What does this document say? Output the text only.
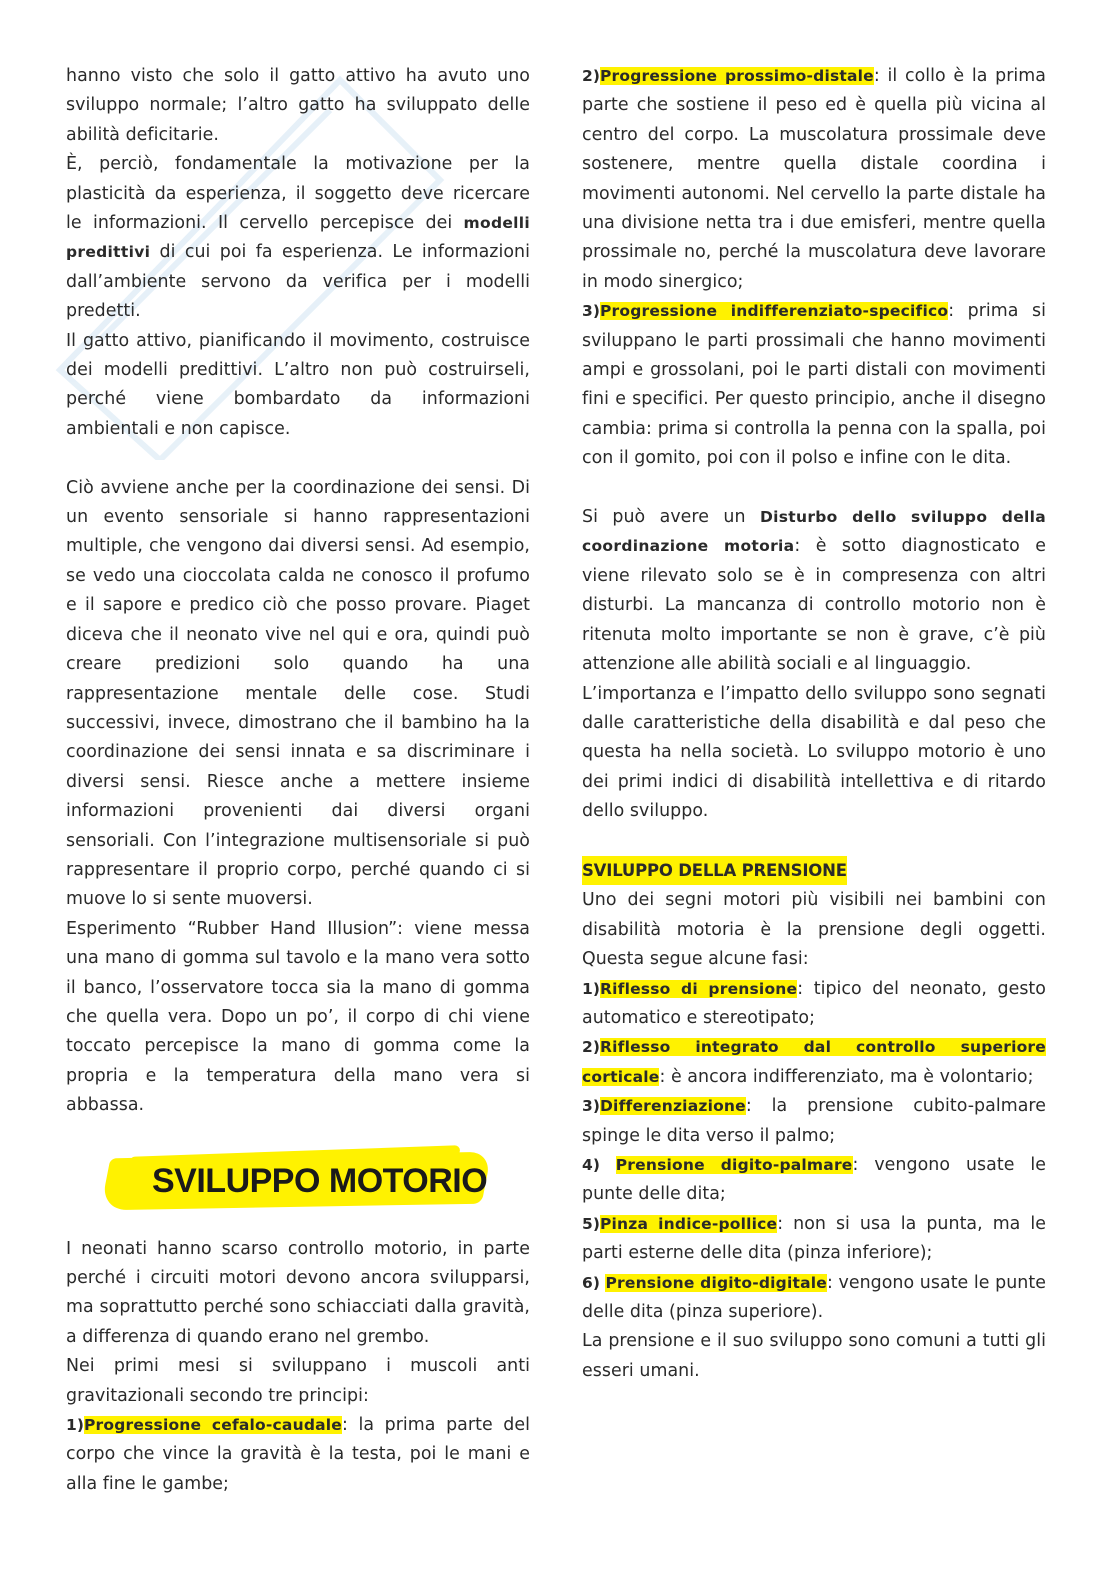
hanno visto che solo il gatto attivo ha avuto uno sviluppo normale; l’altro gatto ha sviluppato delle abilità deficitarie.

È, perciò, fondamentale la motivazione per la plasticità da esperienza, il soggetto deve ricercare le informazioni. Il cervello percepisce dei modelli predittivi di cui poi fa esperienza. Le informazioni dall’ambiente servono da verifica per i modelli predetti.

Il gatto attivo, pianificando il movimento, costruisce dei modelli predittivi. L’altro non può costruirseli, perché viene bombardato da informazioni ambientali e non capisce.

Ciò avviene anche per la coordinazione dei sensi. Di un evento sensoriale si hanno rappresentazioni multiple, che vengono dai diversi sensi. Ad esempio, se vedo una cioccolata calda ne conosco il profumo e il sapore e predico ciò che posso provare. Piaget diceva che il neonato vive nel qui e ora, quindi può creare predizioni solo quando ha una rappresentazione mentale delle cose. Studi successivi, invece, dimostrano che il bambino ha la coordinazione dei sensi innata e sa discriminare i diversi sensi. Riesce anche a mettere insieme informazioni provenienti dai diversi organi sensoriali. Con l’integrazione multisensoriale si può rappresentare il proprio corpo, perché quando ci si muove lo si sente muoversi.

Esperimento “Rubber Hand Illusion”: viene messa una mano di gomma sul tavolo e la mano vera sotto il banco, l’osservatore tocca sia la mano di gomma che quella vera. Dopo un po’, il corpo di chi viene toccato percepisce la mano di gomma come la propria e la temperatura della mano vera si abbassa.

SVILUPPO MOTORIO

I neonati hanno scarso controllo motorio, in parte perché i circuiti motori devono ancora svilupparsi, ma soprattutto perché sono schiacciati dalla gravità, a differenza di quando erano nel grembo.

Nei primi mesi si sviluppano i muscoli anti gravitazionali secondo tre principi:

1)Progressione cefalo-caudale: la prima parte del corpo che vince la gravità è la testa, poi le mani e alla fine le gambe;

2)Progressione prossimo-distale: il collo è la prima parte che sostiene il peso ed è quella più vicina al centro del corpo. La muscolatura prossimale deve sostenere, mentre quella distale coordina i movimenti autonomi. Nel cervello la parte distale ha una divisione netta tra i due emisferi, mentre quella prossimale no, perché la muscolatura deve lavorare in modo sinergico;

3)Progressione indifferenziato-specifico: prima si sviluppano le parti prossimali che hanno movimenti ampi e grossolani, poi le parti distali con movimenti fini e specifici. Per questo principio, anche il disegno cambia: prima si controlla la penna con la spalla, poi con il gomito, poi con il polso e infine con le dita.

Si può avere un Disturbo dello sviluppo della coordinazione motoria: è sotto diagnosticato e viene rilevato solo se è in compresenza con altri disturbi. La mancanza di controllo motorio non è ritenuta molto importante se non è grave, c’è più attenzione alle abilità sociali e al linguaggio.

L’importanza e l’impatto dello sviluppo sono segnati dalle caratteristiche della disabilità e dal peso che questa ha nella società. Lo sviluppo motorio è uno dei primi indici di disabilità intellettiva e di ritardo dello sviluppo.

SVILUPPO DELLA PRENSIONE

Uno dei segni motori più visibili nei bambini con disabilità motoria è la prensione degli oggetti. Questa segue alcune fasi:

1)Riflesso di prensione: tipico del neonato, gesto automatico e stereotipato;

2)Riflesso integrato dal controllo superiore corticale: è ancora indifferenziato, ma è volontario;

3)Differenziazione: la prensione cubito-palmare spinge le dita verso il palmo;

4) Prensione digito-palmare: vengono usate le punte delle dita;

5)Pinza indice-pollice: non si usa la punta, ma le parti esterne delle dita (pinza inferiore);

6) Prensione digito-digitale: vengono usate le punte delle dita (pinza superiore).

La prensione e il suo sviluppo sono comuni a tutti gli esseri umani.
